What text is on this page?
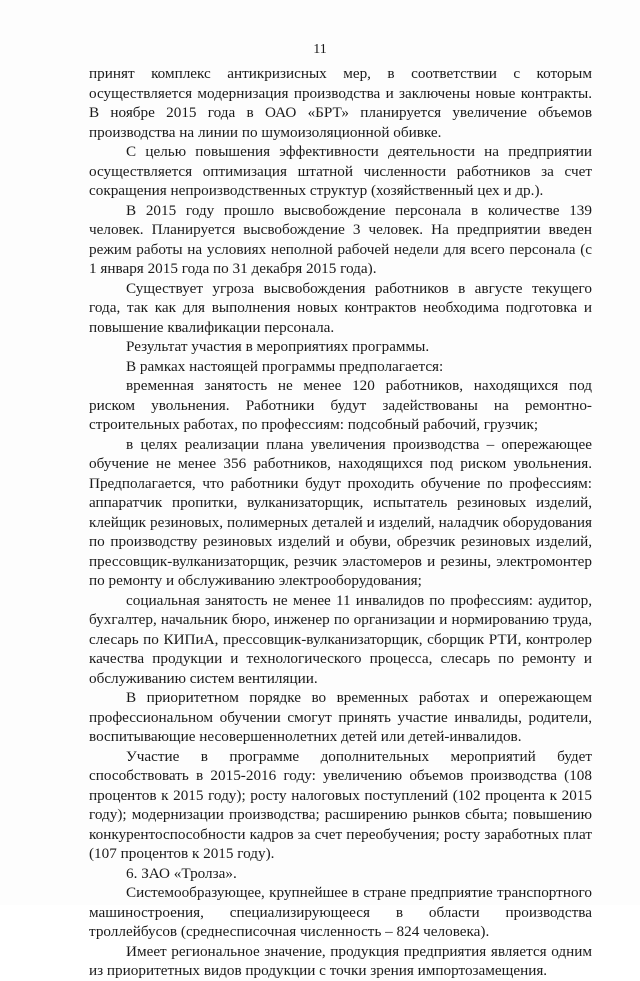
11

принят комплекс антикризисных мер, в соответствии с которым осуществляется модернизация производства и заключены новые контракты. В ноябре 2015 года в ОАО «БРТ» планируется увеличение объемов производства на линии по шумоизоляционной обивке.

С целью повышения эффективности деятельности на предприятии осуществляется оптимизация штатной численности работников за счет сокращения непроизводственных структур (хозяйственный цех и др.).

В 2015 году прошло высвобождение персонала в количестве 139 человек. Планируется высвобождение 3 человек. На предприятии введен режим работы на условиях неполной рабочей недели для всего персонала (с 1 января 2015 года по 31 декабря 2015 года).

Существует угроза высвобождения работников в августе текущего года, так как для выполнения новых контрактов необходима подготовка и повышение квалификации персонала.

Результат участия в мероприятиях программы.

В рамках настоящей программы предполагается:

временная занятость не менее 120 работников, находящихся под риском увольнения. Работники будут задействованы на ремонтно-строительных работах, по профессиям: подсобный рабочий, грузчик;

в целях реализации плана увеличения производства – опережающее обучение не менее 356 работников, находящихся под риском увольнения. Предполагается, что работники будут проходить обучение по профессиям: аппаратчик пропитки, вулканизаторщик, испытатель резиновых изделий, клейщик резиновых, полимерных деталей и изделий, наладчик оборудования по производству резиновых изделий и обуви, обрезчик резиновых изделий, прессовщик-вулканизаторщик, резчик эластомеров и резины, электромонтер по ремонту и обслуживанию электрооборудования;

социальная занятость не менее 11 инвалидов по профессиям: аудитор, бухгалтер, начальник бюро, инженер по организации и нормированию труда, слесарь по КИПиА, прессовщик-вулканизаторщик, сборщик РТИ, контролер качества продукции и технологического процесса, слесарь по ремонту и обслуживанию систем вентиляции.

В приоритетном порядке во временных работах и опережающем профессиональном обучении смогут принять участие инвалиды, родители, воспитывающие несовершеннолетних детей или детей-инвалидов.

Участие в программе дополнительных мероприятий будет способствовать в 2015-2016 году: увеличению объемов производства (108 процентов к 2015 году); росту налоговых поступлений (102 процента к 2015 году); модернизации производства; расширению рынков сбыта; повышению конкурентоспособности кадров за счет переобучения; росту заработных плат (107 процентов к 2015 году).

6. ЗАО «Тролза».

Системообразующее, крупнейшее в стране предприятие транспортного машиностроения, специализирующееся в области производства троллейбусов (среднесписочная численность – 824 человека).

Имеет региональное значение, продукция предприятия является одним из приоритетных видов продукции с точки зрения импортозамещения.
